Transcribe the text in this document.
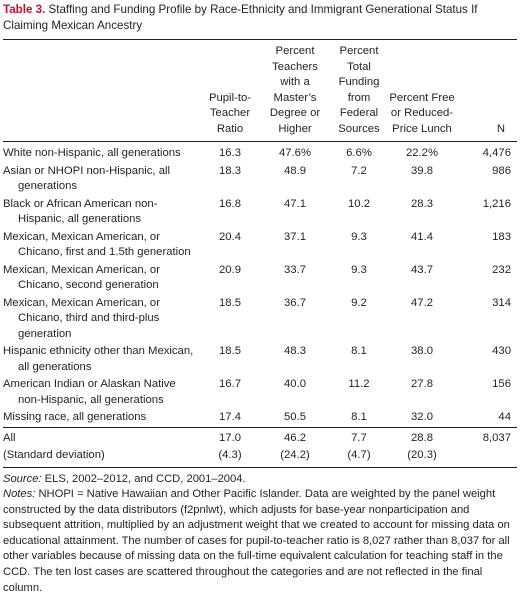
Table 3. Staffing and Funding Profile by Race-Ethnicity and Immigrant Generational Status If Claiming Mexican Ancestry
	Pupil-to-Teacher Ratio	Percent Teachers with a Master’s Degree or Higher	Percent Total Funding from Federal Sources	Percent Free or Reduced-Price Lunch	N

White non-Hispanic, all generations	16.3	47.6%	6.6%	22.2%	4,476

Asian or NHOPI non-Hispanic, all generations	18.3	48.9	7.2	39.8	986

Black or African American non-Hispanic, all generations	16.8	47.1	10.2	28.3	1,216

Mexican, Mexican American, or Chicano, first and 1.5th generation	20.4	37.1	9.3	41.4	183

Mexican, Mexican American, or Chicano, second generation	20.9	33.7	9.3	43.7	232

Mexican, Mexican American, or Chicano, third and third-plus generation	18.5	36.7	9.2	47.2	314

Hispanic ethnicity other than Mexican, all generations	18.5	48.3	8.1	38.0	430

American Indian or Alaskan Native non-Hispanic, all generations	16.7	40.0	11.2	27.8	156

Missing race, all generations	17.4	50.5	8.1	32.0	44

All	17.0	46.2	7.7	28.8	8,037

(Standard deviation)	(4.3)	(24.2)	(4.7)	(20.3)	
Source: ELS, 2002–2012, and CCD, 2001–2004.
Notes: NHOPI = Native Hawaiian and Other Pacific Islander. Data are weighted by the panel weight constructed by the data distributors (f2pnlwt), which adjusts for base-year nonparticipation and subsequent attrition, multiplied by an adjustment weight that we created to account for missing data on educational attainment. The number of cases for pupil-to-teacher ratio is 8,027 rather than 8,037 for all other variables because of missing data on the full-time equivalent calculation for teaching staff in the CCD. The ten lost cases are scattered throughout the categories and are not reflected in the final column.
